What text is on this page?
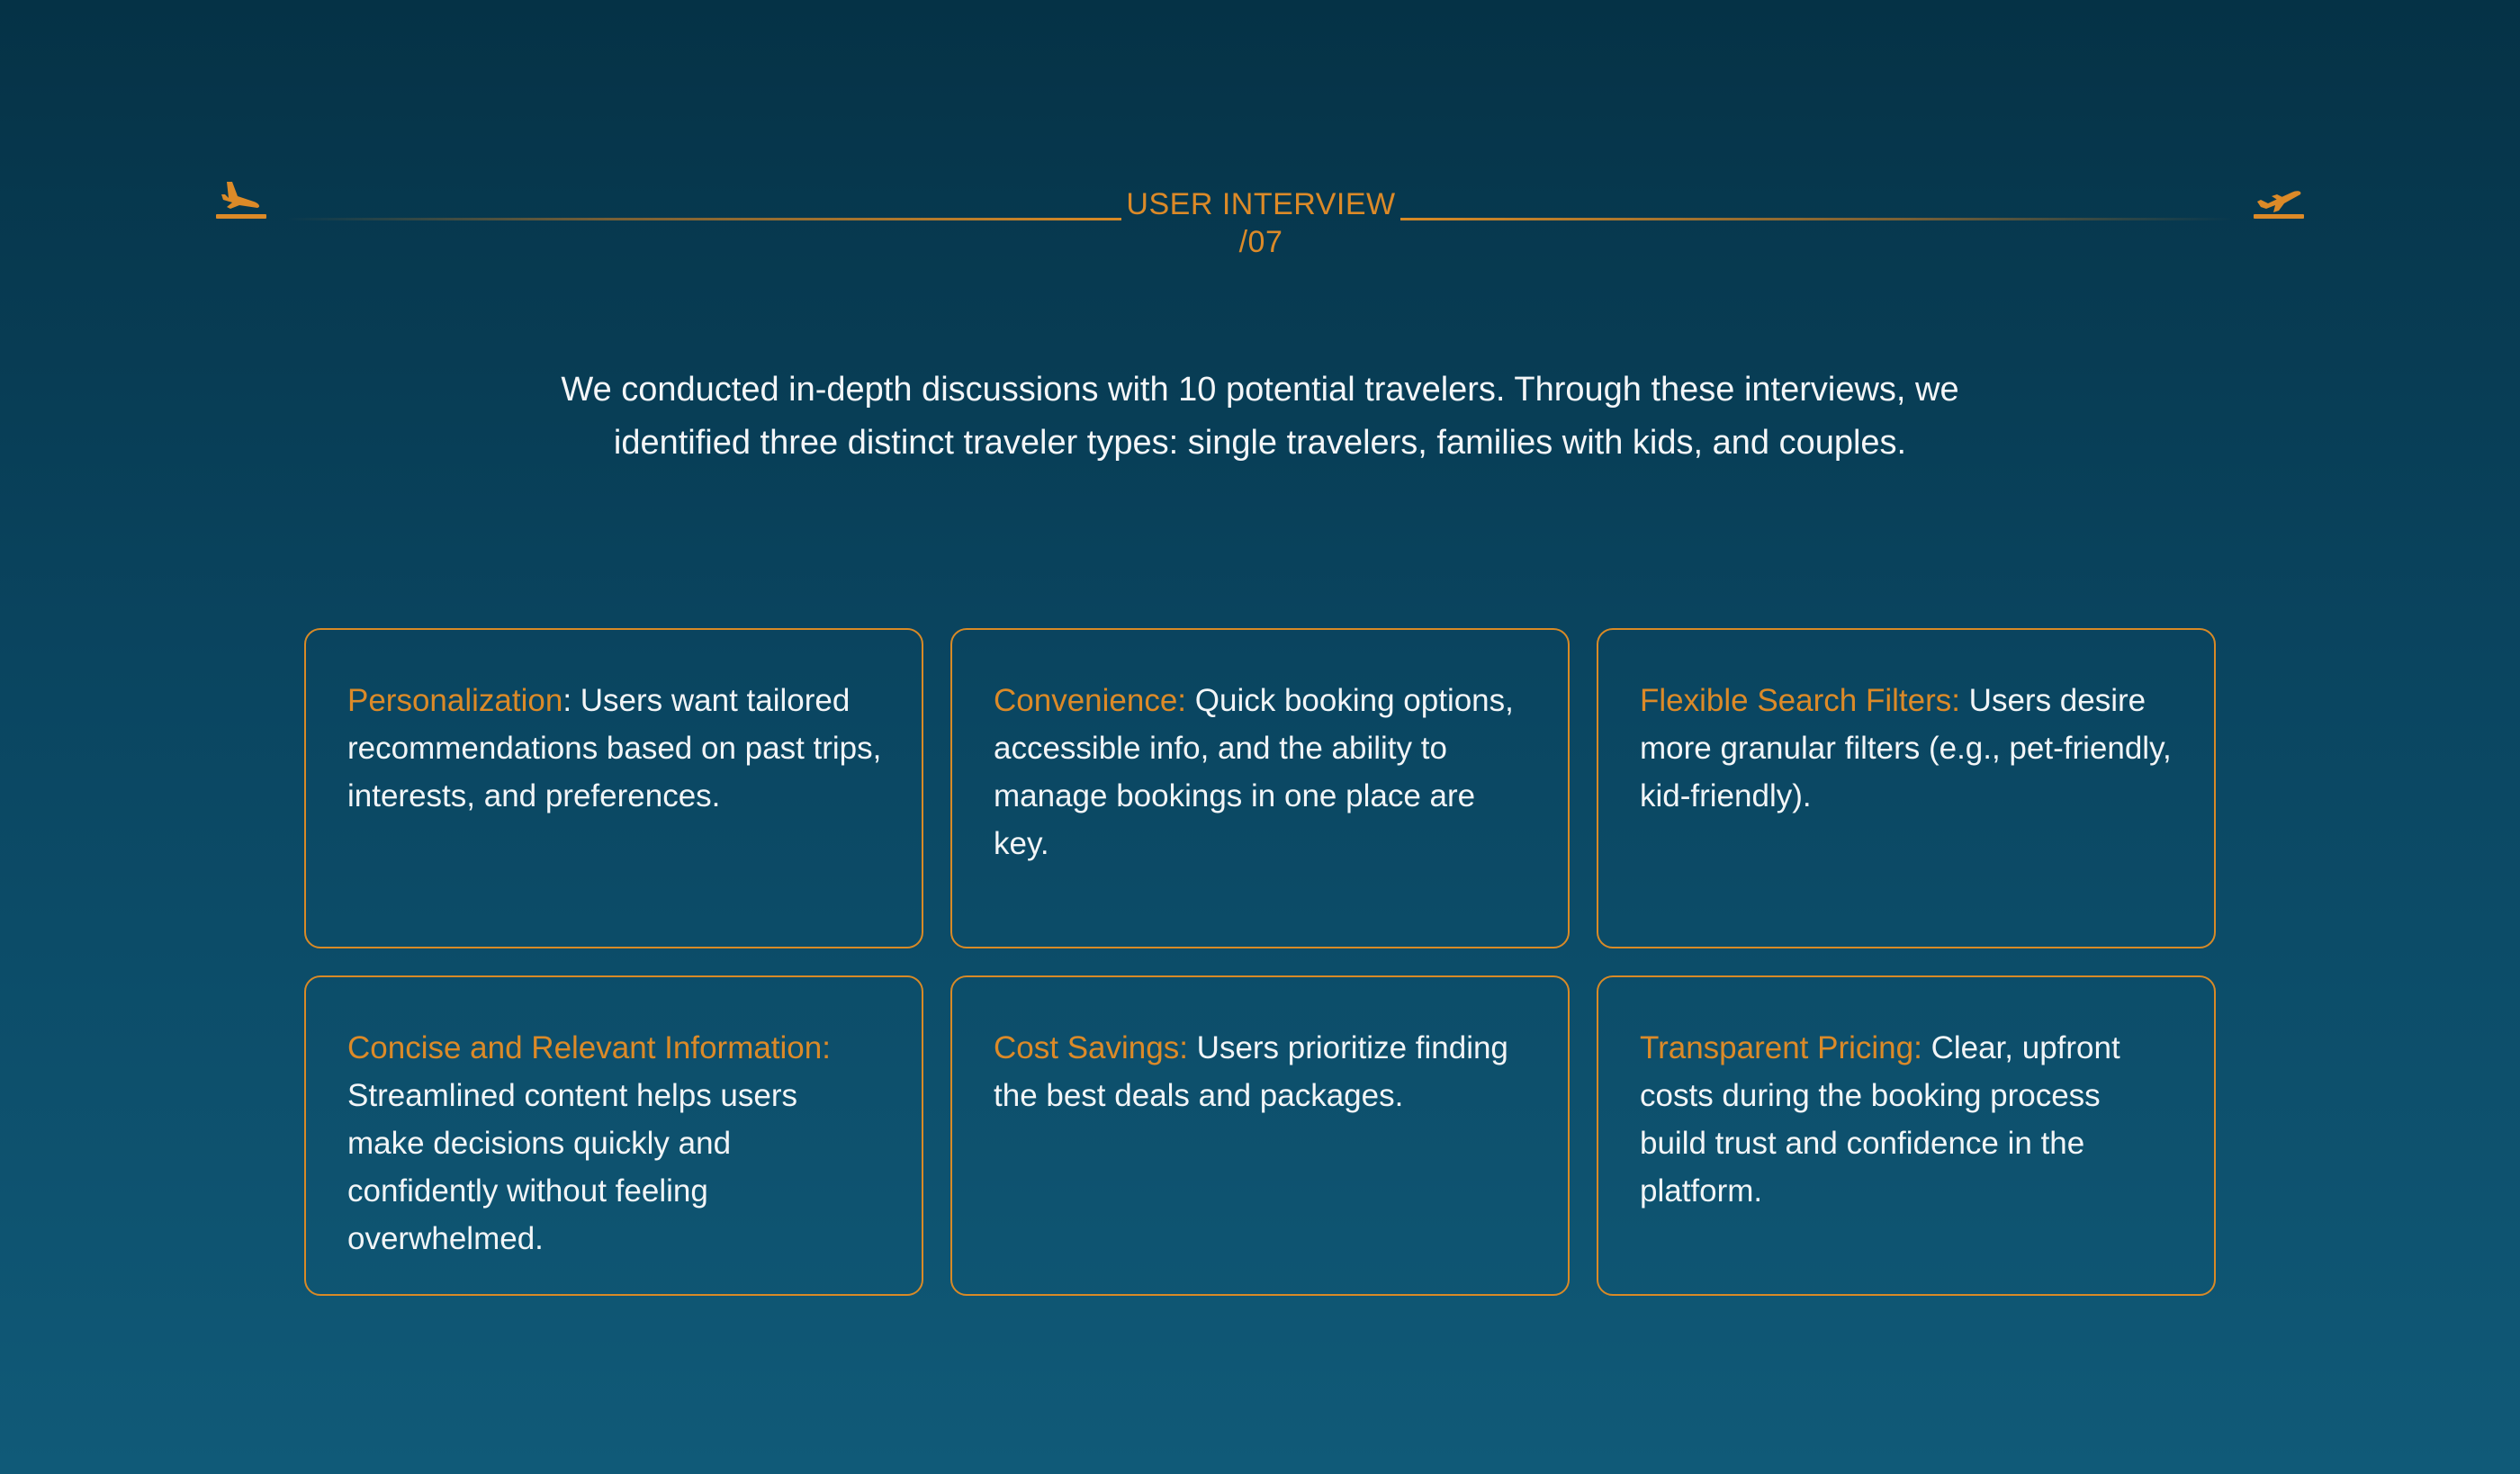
USER INTERVIEW
/07

We conducted in-depth discussions with 10 potential travelers. Through these interviews, we identified three distinct traveler types: single travelers, families with kids, and couples.

Personalization: Users want tailored recommendations based on past trips, interests, and preferences.
Convenience: Quick booking options, accessible info, and the ability to manage bookings in one place are key.
Flexible Search Filters: Users desire more granular filters (e.g., pet-friendly, kid-friendly).
Concise and Relevant Information: Streamlined content helps users make decisions quickly and confidently without feeling overwhelmed.
Cost Savings: Users prioritize finding the best deals and packages.
Transparent Pricing: Clear, upfront costs during the booking process build trust and confidence in the platform.
